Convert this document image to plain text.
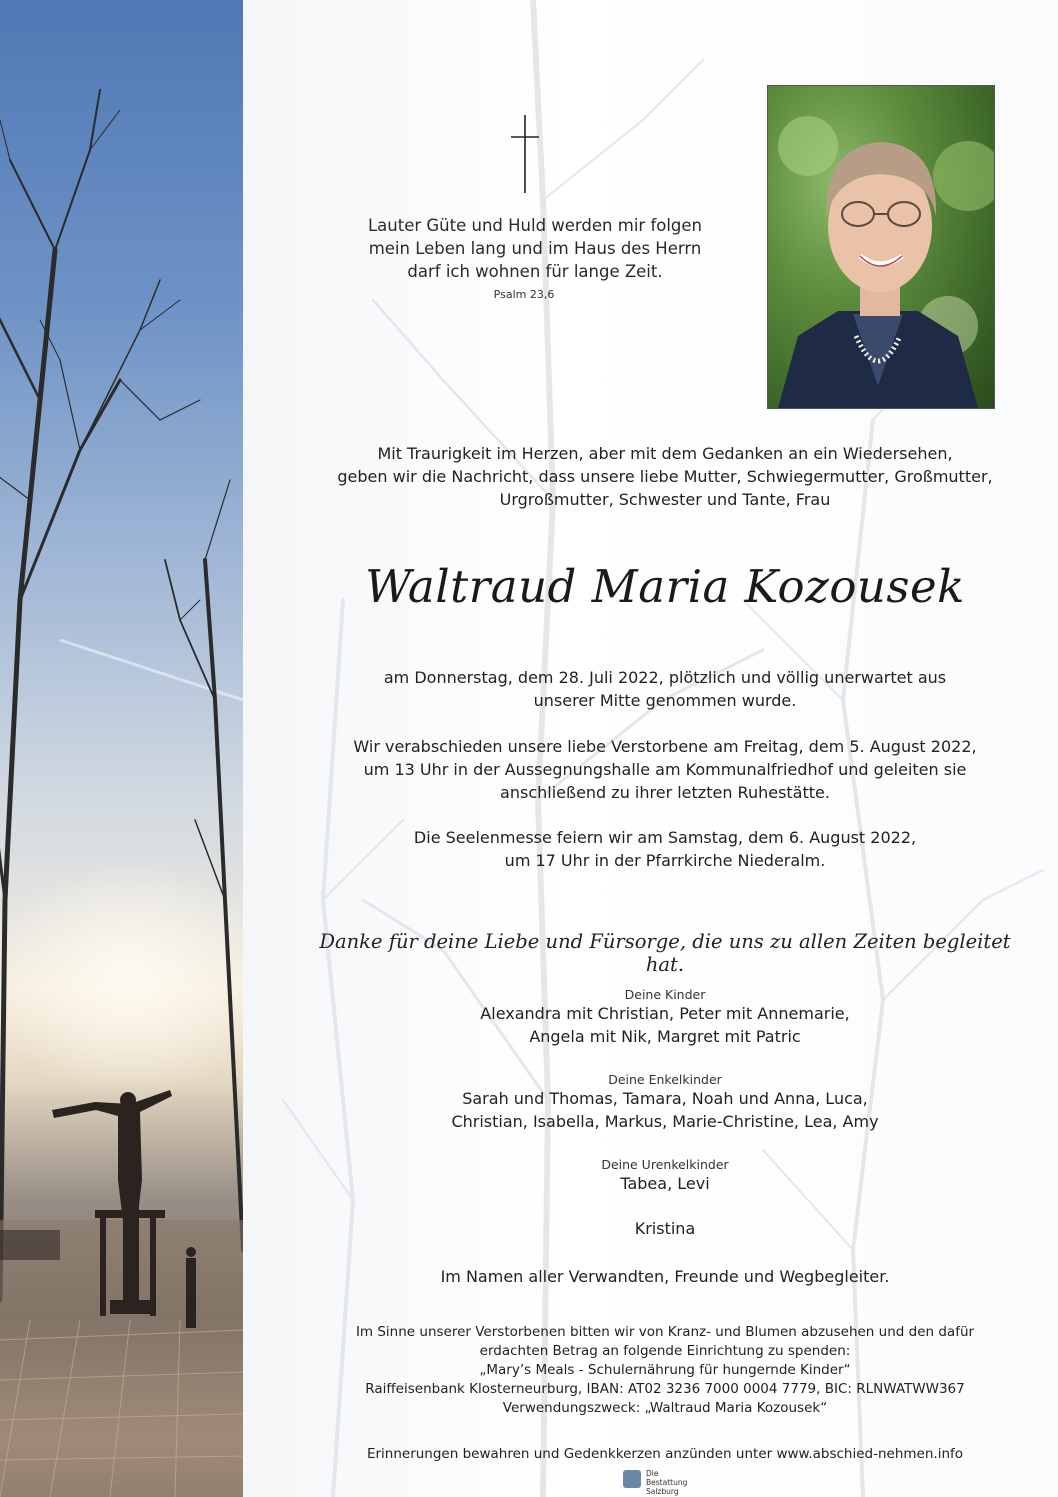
Lauter Güte und Huld werden mir folgen
mein Leben lang und im Haus des Herrn
darf ich wohnen für lange Zeit.
Psalm 23,6
Mit Traurigkeit im Herzen, aber mit dem Gedanken an ein Wiedersehen,
geben wir die Nachricht, dass unsere liebe Mutter, Schwiegermutter, Großmutter,
Urgroßmutter, Schwester und Tante, Frau
Waltraud Maria Kozousek
am Donnerstag, dem 28. Juli 2022, plötzlich und völlig unerwartet aus
unserer Mitte genommen wurde.
Wir verabschieden unsere liebe Verstorbene am Freitag, dem 5. August 2022,
um 13 Uhr in der Aussegnungshalle am Kommunalfriedhof und geleiten sie
anschließend zu ihrer letzten Ruhestätte.
Die Seelenmesse feiern wir am Samstag, dem 6. August 2022,
um 17 Uhr in der Pfarrkirche Niederalm.
Danke für deine Liebe und Fürsorge, die uns zu allen Zeiten begleitet hat.
Deine Kinder
Alexandra mit Christian, Peter mit Annemarie,
Angela mit Nik, Margret mit Patric
Deine Enkelkinder
Sarah und Thomas, Tamara, Noah und Anna, Luca,
Christian, Isabella, Markus, Marie-Christine, Lea, Amy
Deine Urenkelkinder
Tabea, Levi
Kristina
Im Namen aller Verwandten, Freunde und Wegbegleiter.
Im Sinne unserer Verstorbenen bitten wir von Kranz- und Blumen abzusehen und den dafür
erdachten Betrag an folgende Einrichtung zu spenden:
„Mary’s Meals - Schulernährung für hungernde Kinder“
Raiffeisenbank Klosterneurburg, IBAN: AT02 3236 7000 0004 7779, BIC: RLNWATWW367
Verwendungszweck: „Waltraud Maria Kozousek“
Erinnerungen bewahren und Gedenkkerzen anzünden unter www.abschied-nehmen.info
Die Bestattung
Salzburg
